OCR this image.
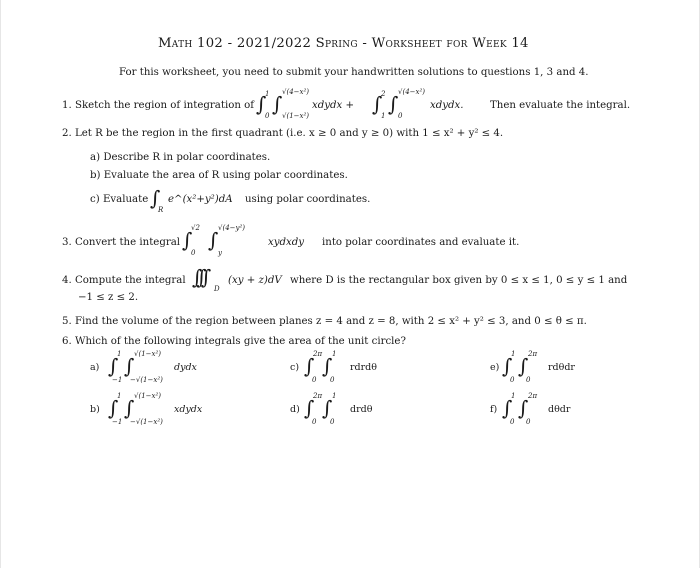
Math 102 - 2021/2022 Spring - Worksheet for Week 14
For this worksheet, you need to submit your handwritten solutions to questions 1, 3 and 4.
1. Sketch the region of integration of ∫
1
0 ∫ √(4−x²)
√(1−x²)
xdydx + ∫
2
1 ∫ √(4−x²)
0
xdydx.	Then evaluate the integral.
2. Let R be the region in the first quadrant (i.e. x ≥ 0 and y ≥ 0) with 1 ≤ x² + y² ≤ 4.
a) Describe R in polar coordinates.
b) Evaluate the area of R using polar coordinates.
c) Evaluate ∫
R
e^(x²+y²)dA using polar coordinates.
3. Convert the integral ∫
√2
0
∫ √(4−y²)
y
xydxdy into polar coordinates and evaluate it.
4. Compute the integral ∫∫∫ D
(xy + z)dV where D is the rectangular box given by 0 ≤ x ≤ 1, 0 ≤ y ≤ 1 and
−1 ≤ z ≤ 2.
5. Find the volume of the region between planes z = 4 and z = 8, with 2 ≤ x² + y² ≤ 3, and 0 ≤ θ ≤ π.
6. Which of the following integrals give the area of the unit circle?
a) ∫
1
−1
∫ √(1−x²)
−√(1−x²)
dydx
b) ∫
1
−1
∫ √(1−x²)
−√(1−x²)
xdydx
c) ∫
2π
0
∫ 1
0
rdrdθ
d) ∫
2π
0
∫ 1
0
drdθ
e) ∫
1
0
∫ 2π
0
rdθdr
f) ∫
1
0
∫ 2π
0
dθdr
